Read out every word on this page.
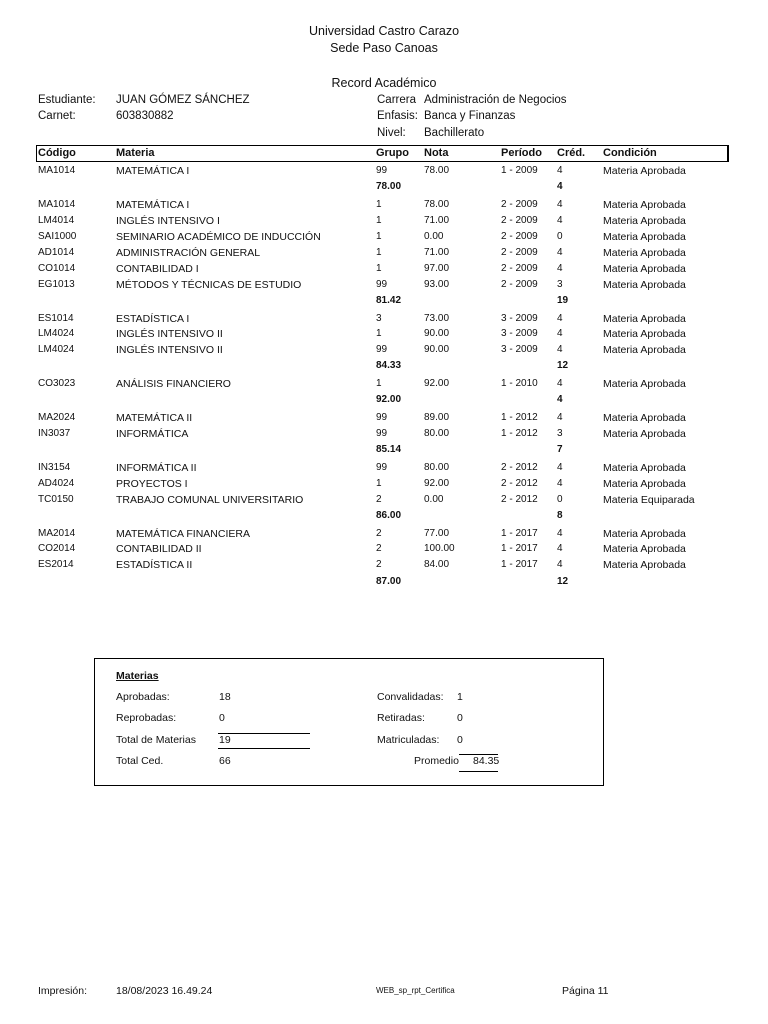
Universidad Castro Carazo
Sede Paso Canoas
Record Académico
Estudiante: JUAN GÓMEZ SÁNCHEZ
Carnet:	603830882
Carrera Administración de Negocios
Enfasis: Banca y Finanzas
Nivel: Bachillerato
Código	Materia	Grupo Nota	Período Créd. Condición
MA1014	MATEMÁTICA I	99	78.00	1 - 2009 4	Materia Aprobada
78.00	4
MA1014	MATEMÁTICA I	1	78.00	2 - 2009 4	Materia Aprobada
LM4014	INGLÉS INTENSIVO I	1	71.00	2 - 2009 4	Materia Aprobada
SAI1000	SEMINARIO ACADÉMICO DE INDUCCIÓN	1	0.00	2 - 2009 0	Materia Aprobada
AD1014	ADMINISTRACIÓN GENERAL	1	71.00	2 - 2009 4	Materia Aprobada
CO1014	CONTABILIDAD I	1	97.00	2 - 2009 4	Materia Aprobada
EG1013	MÉTODOS Y TÉCNICAS DE ESTUDIO	99	93.00	2 - 2009 3	Materia Aprobada
81.42	19
ES1014	ESTADÍSTICA I	3	73.00	3 - 2009 4	Materia Aprobada
LM4024	INGLÉS INTENSIVO II	1	90.00	3 - 2009 4	Materia Aprobada
LM4024	INGLÉS INTENSIVO II	99	90.00	3 - 2009 4	Materia Aprobada
84.33	12
CO3023	ANÁLISIS FINANCIERO	1	92.00	1 - 2010 4	Materia Aprobada
92.00	4
MA2024	MATEMÁTICA II	99	89.00	1 - 2012 4	Materia Aprobada
IN3037	INFORMÁTICA	99	80.00	1 - 2012 3	Materia Aprobada
85.14	7
IN3154	INFORMÁTICA II	99	80.00	2 - 2012 4	Materia Aprobada
AD4024	PROYECTOS I	1	92.00	2 - 2012 4	Materia Aprobada
TC0150	TRABAJO COMUNAL UNIVERSITARIO	2	0.00	2 - 2012 0	Materia Equiparada
86.00	8
MA2014	MATEMÁTICA FINANCIERA	2	77.00	1 - 2017 4	Materia Aprobada
CO2014	CONTABILIDAD II	2	100.00	1 - 2017 4	Materia Aprobada
ES2014	ESTADÍSTICA II	2	84.00	1 - 2017 4	Materia Aprobada
87.00	12
Materias
Aprobadas:	18
Reprobadas:	0
Total de Materias 19
Total Ced.	66
Convalidadas: 1
Retiradas:	0
Matriculadas: 0
Promedio 84.35
Impresión:	18/08/2023 16.49.24	WEB_sp_rpt_Certifica	Página 11
